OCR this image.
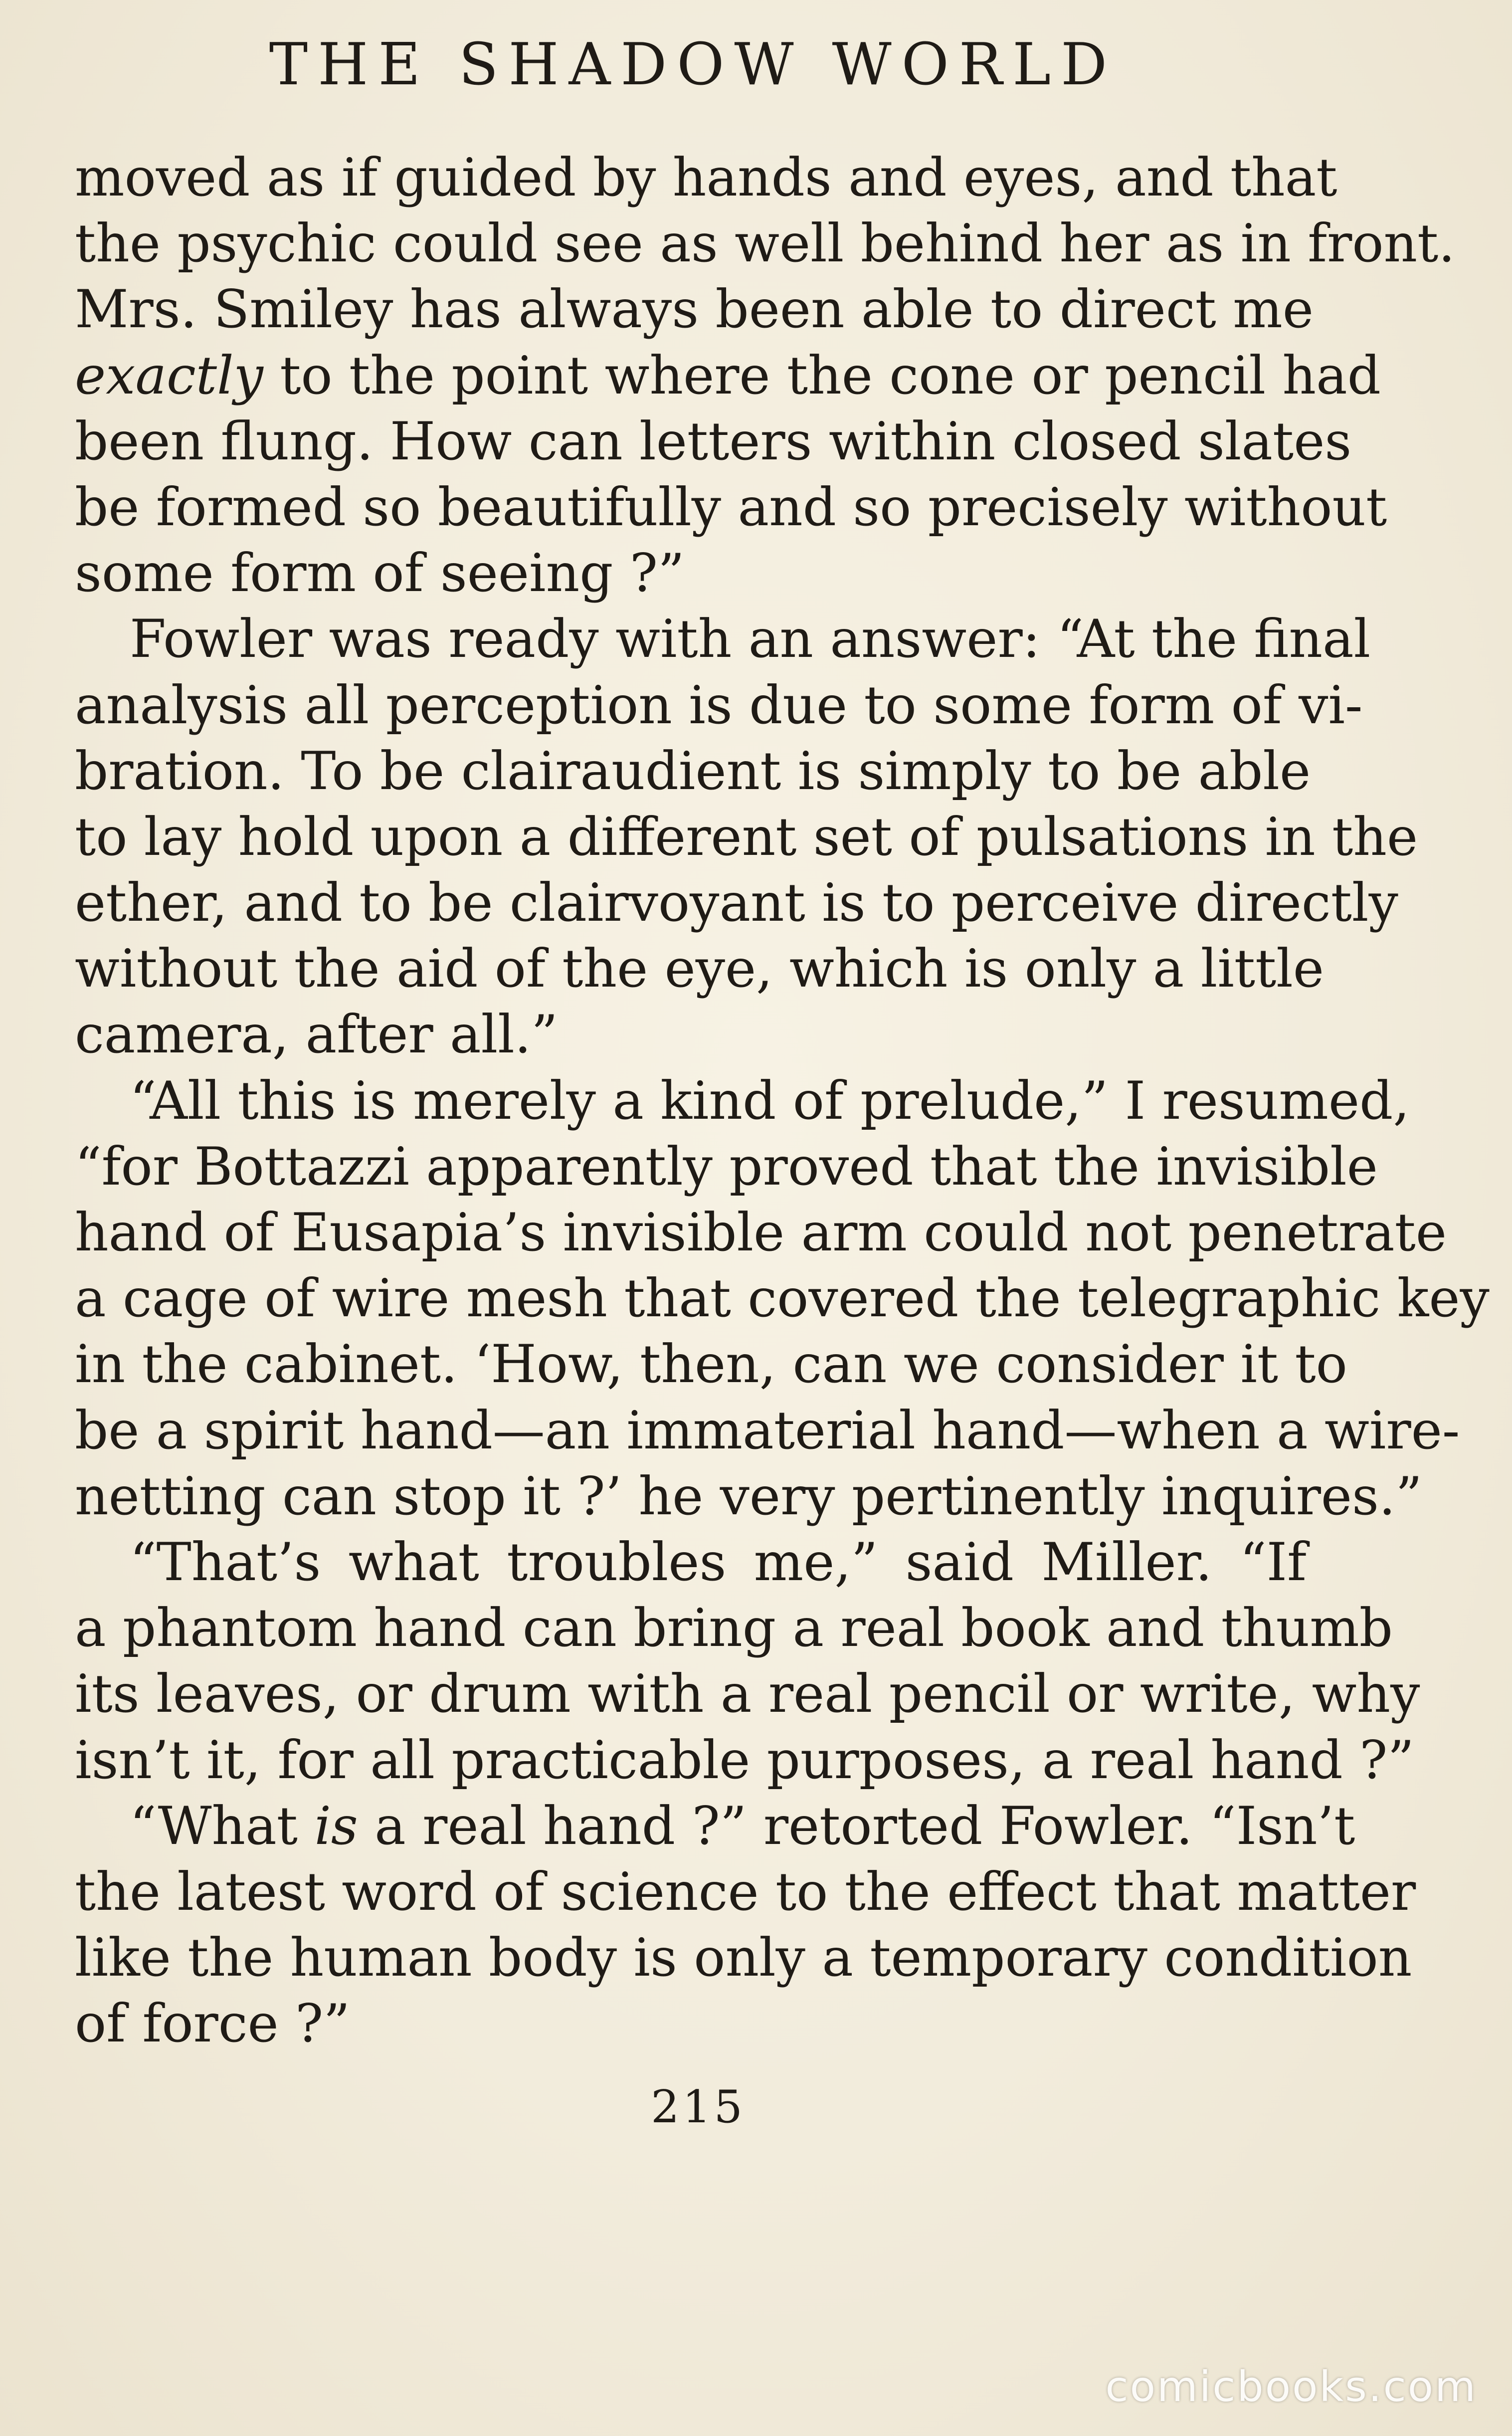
THE SHADOW WORLD
moved as if guided by hands and eyes, and that
the psychic could see as well behind her as in front.
Mrs. Smiley has always been able to direct me
exactly to the point where the cone or pencil had
been flung. How can letters within closed slates
be formed so beautifully and so precisely without
some form of seeing ?”
Fowler was ready with an answer: “At the final
analysis all perception is due to some form of vi-
bration. To be clairaudient is simply to be able
to lay hold upon a different set of pulsations in the
ether, and to be clairvoyant is to perceive directly
without the aid of the eye, which is only a little
camera, after all.”
“All this is merely a kind of prelude,” I resumed,
“for Bottazzi apparently proved that the invisible
hand of Eusapia’s invisible arm could not penetrate
a cage of wire mesh that covered the telegraphic key
in the cabinet. ‘How, then, can we consider it to
be a spirit hand—an immaterial hand—when a wire-
netting can stop it ?’ he very pertinently inquires.”
“That’s what troubles me,” said Miller. “If
a phantom hand can bring a real book and thumb
its leaves, or drum with a real pencil or write, why
isn’t it, for all practicable purposes, a real hand ?”
“What is a real hand ?” retorted Fowler. “Isn’t
the latest word of science to the effect that matter
like the human body is only a temporary condition
of force ?”
215
comicbooks.com
